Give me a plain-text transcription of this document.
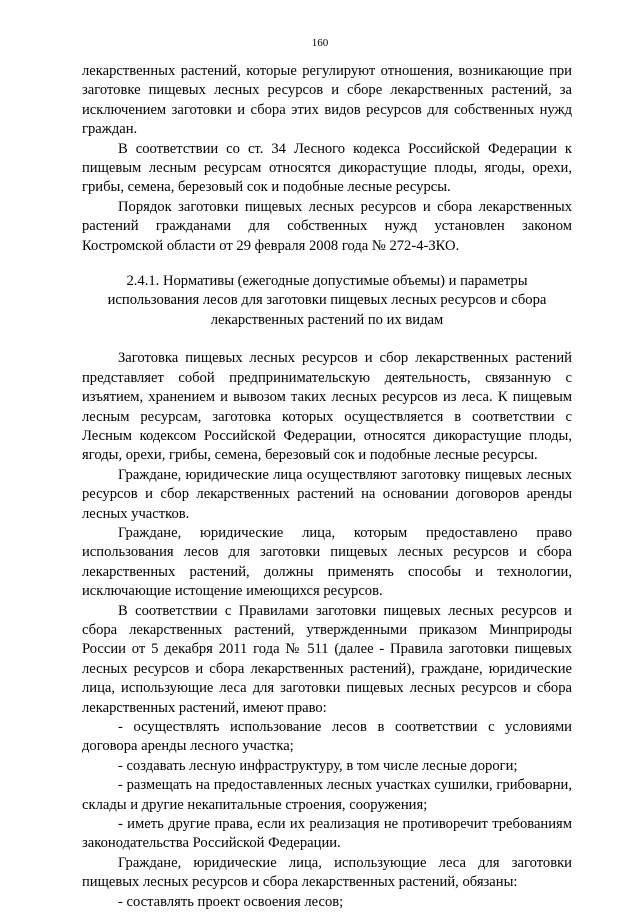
160

лекарственных растений, которые регулируют отношения, возникающие при заготовке пищевых лесных ресурсов и сборе лекарственных растений, за исключением заготовки и сбора этих видов ресурсов для собственных нужд граждан.

В соответствии со ст. 34 Лесного кодекса Российской Федерации к пищевым лесным ресурсам относятся дикорастущие плоды, ягоды, орехи, грибы, семена, березовый сок и подобные лесные ресурсы.

Порядок заготовки пищевых лесных ресурсов и сбора лекарственных растений гражданами для собственных нужд установлен законом Костромской области от 29 февраля 2008 года № 272-4-ЗКО.

2.4.1. Нормативы (ежегодные допустимые объемы) и параметры использования лесов для заготовки пищевых лесных ресурсов и сбора лекарственных растений по их видам

Заготовка пищевых лесных ресурсов и сбор лекарственных растений представляет собой предпринимательскую деятельность, связанную с изъятием, хранением и вывозом таких лесных ресурсов из леса. К пищевым лесным ресурсам, заготовка которых осуществляется в соответствии с Лесным кодексом Российской Федерации, относятся дикорастущие плоды, ягоды, орехи, грибы, семена, березовый сок и подобные лесные ресурсы.

Граждане, юридические лица осуществляют заготовку пищевых лесных ресурсов и сбор лекарственных растений на основании договоров аренды лесных участков.

Граждане, юридические лица, которым предоставлено право использования лесов для заготовки пищевых лесных ресурсов и сбора лекарственных растений, должны применять способы и технологии, исключающие истощение имеющихся ресурсов.

В соответствии с Правилами заготовки пищевых лесных ресурсов и сбора лекарственных растений, утвержденными приказом Минприроды России от 5 декабря 2011 года № 511 (далее - Правила заготовки пищевых лесных ресурсов и сбора лекарственных растений), граждане, юридические лица, использующие леса для заготовки пищевых лесных ресурсов и сбора лекарственных растений, имеют право:

- осуществлять использование лесов в соответствии с условиями договора аренды лесного участка;

- создавать лесную инфраструктуру, в том числе лесные дороги;

- размещать на предоставленных лесных участках сушилки, грибоварни, склады и другие некапитальные строения, сооружения;

- иметь другие права, если их реализация не противоречит требованиям законодательства Российской Федерации.

Граждане, юридические лица, использующие леса для заготовки пищевых лесных ресурсов и сбора лекарственных растений, обязаны:

- составлять проект освоения лесов;
